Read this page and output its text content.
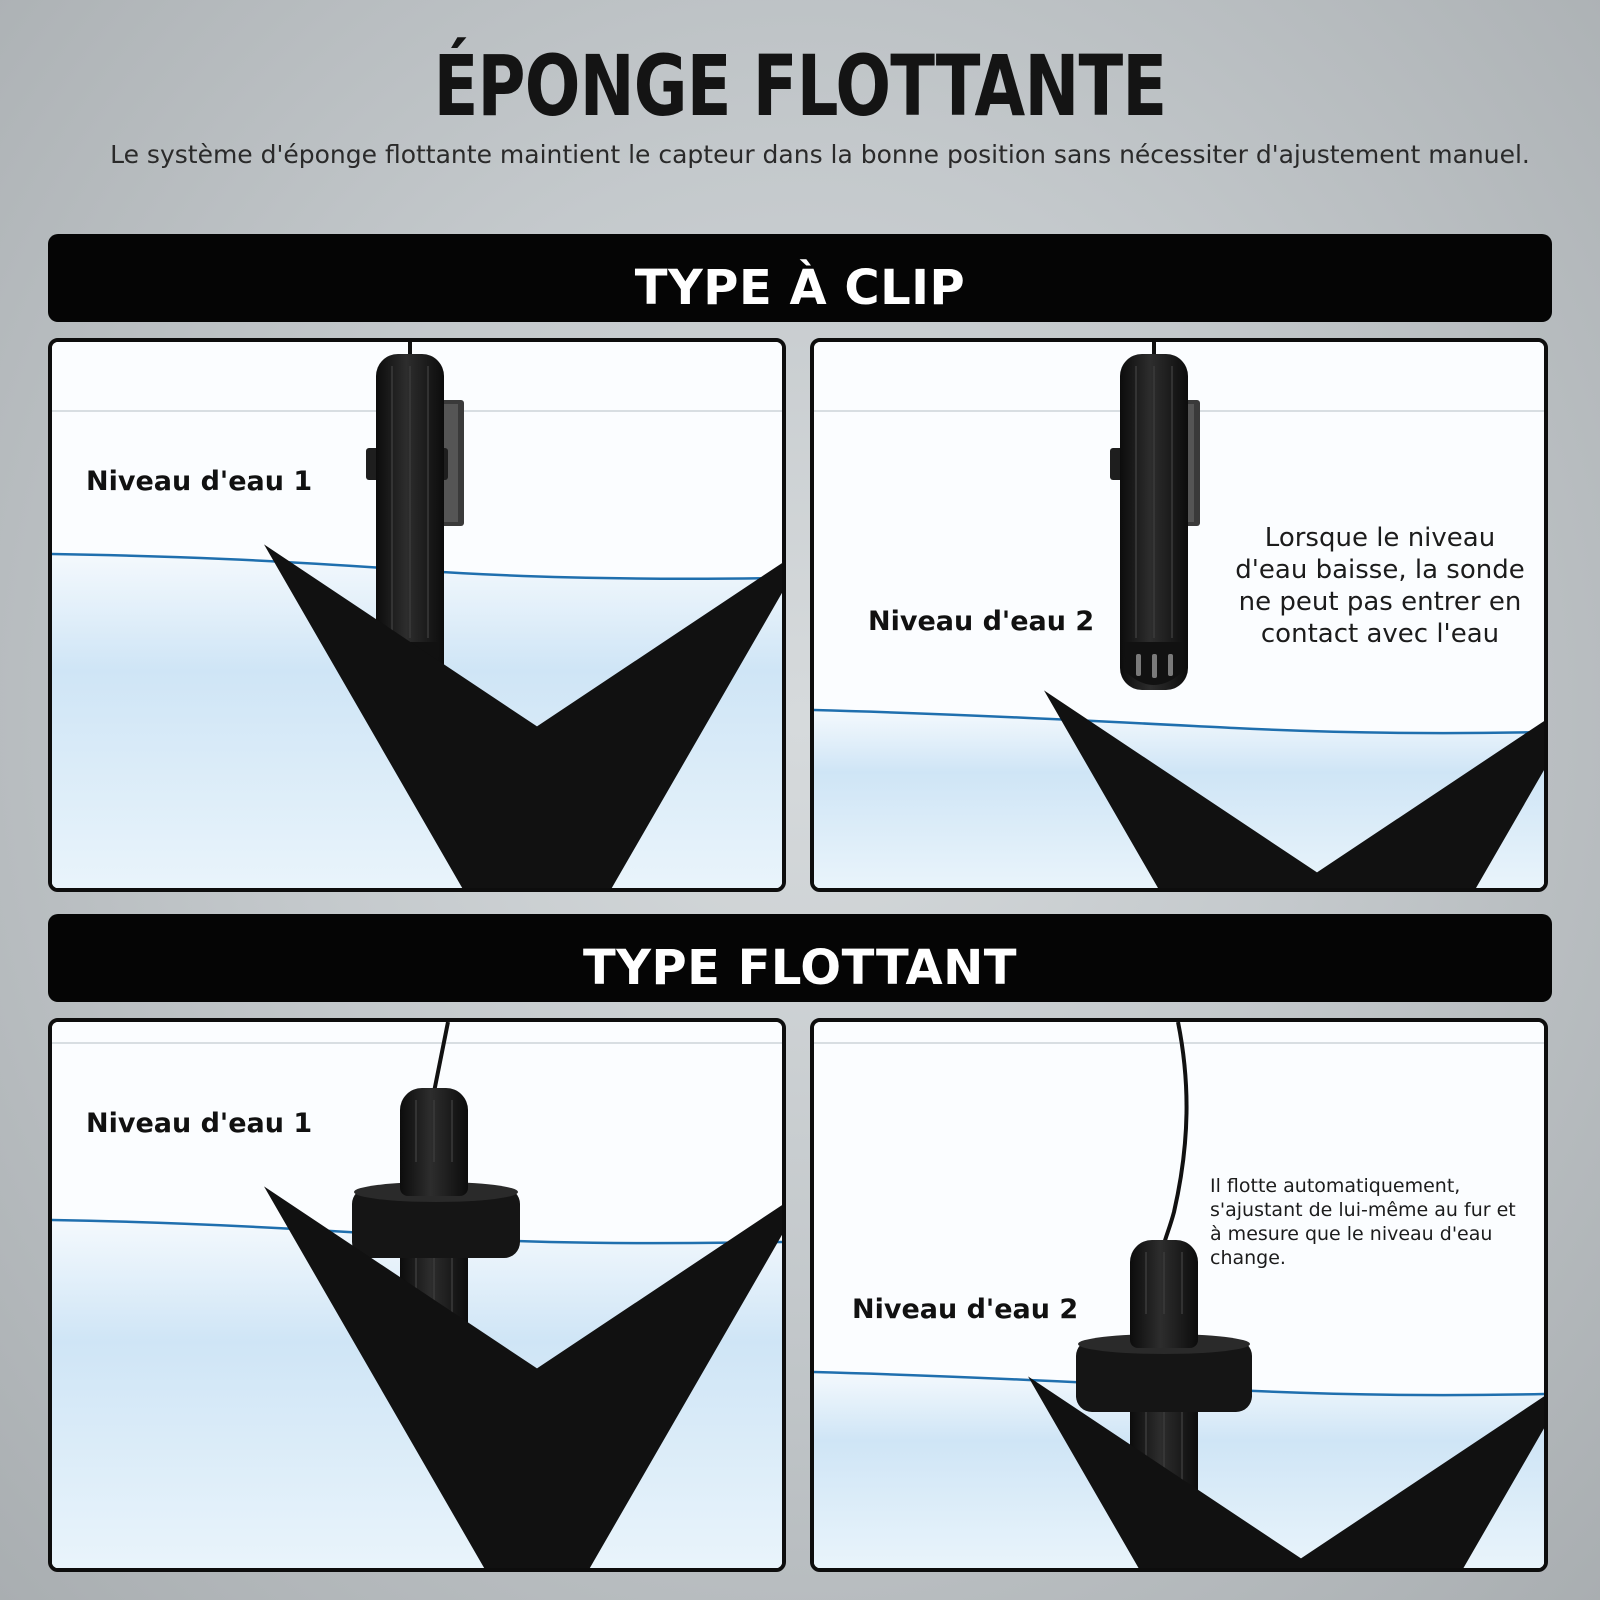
ÉPONGE FLOTTANTE
Le système d'éponge flottante maintient le capteur dans la bonne position sans nécessiter d'ajustement manuel.
TYPE À CLIP
Niveau d'eau 1
Niveau d'eau 2
Lorsque le niveau d'eau baisse, la sonde ne peut pas entrer en contact avec l'eau
TYPE FLOTTANT
Niveau d'eau 1
Niveau d'eau 2
Il flotte automatiquement, s'ajustant de lui-même au fur et à mesure que le niveau d'eau change.
